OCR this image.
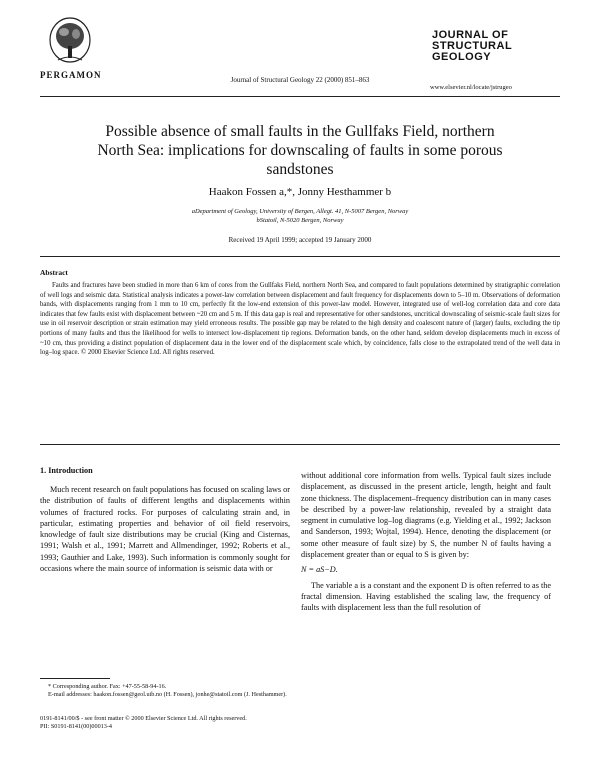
PERGAMON	Journal of Structural Geology 22 (2000) 851–863
JOURNAL OF
STRUCTURAL
GEOLOGY
www.elsevier.nl/locate/jstrugeo
Possible absence of small faults in the Gullfaks Field, northern
North Sea: implications for downscaling of faults in some porous
sandstones
Haakon Fossen a,*, Jonny Hesthammer b
aDepartment of Geology, University of Bergen, Allegt. 41, N-5007 Bergen, Norway
bStatoil, N-5020 Bergen, Norway
Received 19 April 1999; accepted 19 January 2000
Abstract
Faults and fractures have been studied in more than 6 km of cores from the Gullfaks Field, northern North Sea, and compared to fault populations determined by stratigraphic correlation of well logs and seismic data. Statistical analysis indicates a power-law correlation between displacement and fault frequency for displacements down to 5–10 m. Observations of deformation bands, with displacements ranging from 1 mm to 10 cm, perfectly fit the low-end extension of this power-law model. However, integrated use of well-log correlation data and core data indicates that few faults exist with displacement between ~20 cm and 5 m. If this data gap is real and representative for other sandstones, uncritical downscaling of seismic-scale fault sizes for use in oil reservoir description or strain estimation may yield erroneous results. The possible gap may be related to the high density and coalescent nature of (larger) faults, excluding the tip portions of many faults and thus the likelihood for wells to intersect low-displacement tip regions. Deformation bands, on the other hand, seldom develop displacements much in excess of ~10 cm, thus providing a distinct population of displacement data in the lower end of the displacement scale which, by coincidence, falls close to the extrapolated trend of the well data in log–log space. © 2000 Elsevier Science Ltd. All rights reserved.
1. Introduction
Much recent research on fault populations has focused on scaling laws or the distribution of faults of different lengths and displacements within volumes of fractured rocks. For purposes of calculating strain and, in particular, estimating properties and behavior of oil field reservoirs, knowledge of fault size distributions may be crucial (King and Cisternas, 1991; Walsh et al., 1991; Marrett and Allmendinger, 1992; Roberts et al., 1993; Gauthier and Lake, 1993). Such information is commonly sought for occasions where the main source of information is seismic data with or

without additional core information from wells. Typical fault sizes include displacement, as discussed in the present article, length, height and fault zone thickness. The displacement–frequency distribution can in many cases be described by a power-law relationship, revealed by a straight data segment in cumulative log–log diagrams (e.g. Yielding et al., 1992; Jackson and Sanderson, 1993; Wojtal, 1994). Hence, denoting the displacement (or some other measure of fault size) by S, the number N of faults having a displacement greater than or equal to S is given by:

N = aS−D.

The variable a is a constant and the exponent D is often referred to as the fractal dimension. Having established the scaling law, the frequency of faults with displacement less than the full resolution of

* Corresponding author. Fax: +47-55-58-94-16.
E-mail addresses: haakon.fossen@geol.uib.no (H. Fossen), jonhe@statoil.com (J. Hesthammer).
0191-8141/00/$ - see front matter © 2000 Elsevier Science Ltd. All rights reserved.
PII: S0191-8141(00)00013-4
